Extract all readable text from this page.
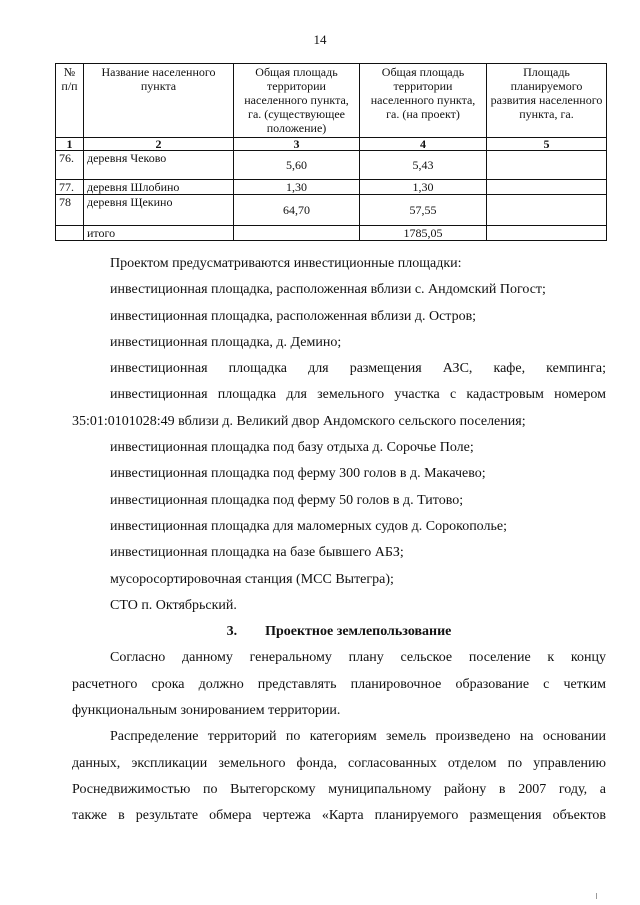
14
№ п/п	Название населенного пункта	Общая площадь территории населенного пункта, га. (существующее положение)	Общая площадь территории населенного пункта, га. (на проект)	Площадь планируемого развития населенного пункта, га.
1	2	3	4	5
76.	деревня Чеково	5,60	5,43	
77.	деревня Шлобино	1,30	1,30	
78	деревня Щекино	64,70	57,55	
	итого		1785,05	
Проектом предусматриваются инвестиционные площадки:
инвестиционная площадка, расположенная вблизи с. Андомский Погост;
инвестиционная площадка, расположенная вблизи д. Остров;
инвестиционная площадка, д. Демино;
инвестиционная площадка для размещения АЗС, кафе, кемпинга;
инвестиционная площадка для земельного участка с кадастровым номером
35:01:0101028:49 вблизи д. Великий двор Андомского сельского поселения;
инвестиционная площадка под базу отдыха д. Сорочье Поле;
инвестиционная площадка под ферму 300 голов в д. Макачево;
инвестиционная площадка под ферму 50 голов в д. Титово;
инвестиционная площадка для маломерных судов д. Сорокополье;
инвестиционная площадка на базе бывшего АБЗ;
мусоросортировочная станция (МСС Вытегра);
СТО п. Октябрьский.
3. Проектное землепользование
Согласно данному генеральному плану сельское поселение к концу
расчетного срока должно представлять планировочное образование с четким
функциональным зонированием территории.
Распределение территорий по категориям земель произведено на основании
данных, экспликации земельного фонда, согласованных отделом по управлению
Роснедвижимостью по Вытегорскому муниципальному району в 2007 году, а
также в результате обмера чертежа «Карта планируемого размещения объектов
